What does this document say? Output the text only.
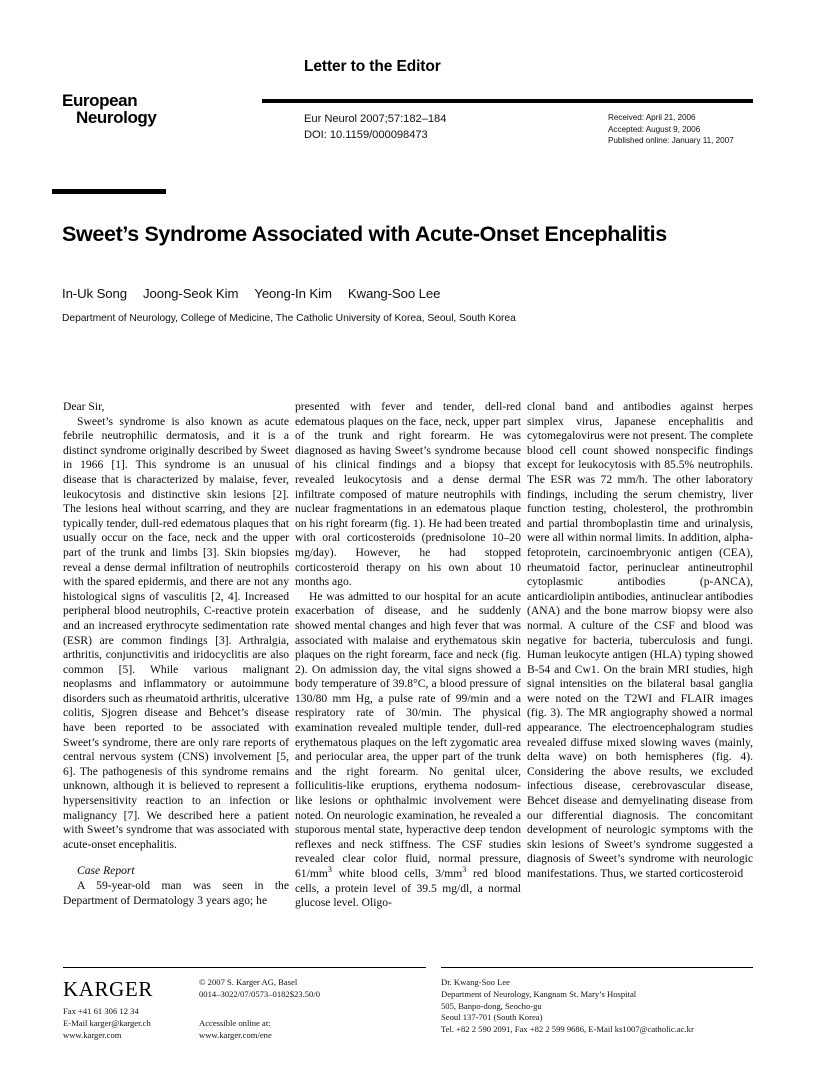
Letter to the Editor
European
Neurology	Eur Neurol 2007;57:182–184
DOI: 10.1159/000098473
Received: April 21, 2006
Accepted: August 9, 2006
Published online: January 11, 2007
Sweet’s Syndrome Associated with Acute-Onset Encephalitis
In-Uk Song Joong-Seok Kim Yeong-In Kim Kwang-Soo Lee
Department of Neurology, College of Medicine, The Catholic University of Korea, Seoul, South Korea

Dear Sir,

Sweet’s syndrome is also known as acute febrile neutrophilic dermatosis, and it is a distinct syndrome originally described by Sweet in 1966 [1]. This syndrome is an unusual disease that is characterized by malaise, fever, leukocytosis and distinctive skin lesions [2]. The lesions heal without scarring, and they are typically tender, dull-red edematous plaques that usually occur on the face, neck and the upper part of the trunk and limbs [3]. Skin biopsies reveal a dense dermal infiltration of neutrophils with the spared epidermis, and there are not any histological signs of vasculitis [2, 4]. Increased peripheral blood neutrophils, C-reactive protein and an increased erythrocyte sedimentation rate (ESR) are common findings [3]. Arthralgia, arthritis, conjunctivitis and iridocyclitis are also common [5]. While various malignant neoplasms and inflammatory or autoimmune disorders such as rheumatoid arthritis, ulcerative colitis, Sjogren disease and Behcet’s disease have been reported to be associated with Sweet’s syndrome, there are only rare reports of central nervous system (CNS) involvement [5, 6]. The pathogenesis of this syndrome remains unknown, although it is believed to represent a hypersensitivity reaction to an infection or malignancy [7]. We described here a patient with Sweet’s syndrome that was associated with acute-onset encephalitis.

Case Report

A 59-year-old man was seen in the Department of Dermatology 3 years ago; he

presented with fever and tender, dell-red edematous plaques on the face, neck, upper part of the trunk and right forearm. He was diagnosed as having Sweet’s syndrome because of his clinical findings and a biopsy that revealed leukocytosis and a dense dermal infiltrate composed of mature neutrophils with nuclear fragmentations in an edematous plaque on his right forearm (fig. 1). He had been treated with oral corticosteroids (prednisolone 10–20 mg/day). However, he had stopped corticosteroid therapy on his own about 10 months ago.

He was admitted to our hospital for an acute exacerbation of disease, and he suddenly showed mental changes and high fever that was associated with malaise and erythematous skin plaques on the right forearm, face and neck (fig. 2). On admission day, the vital signs showed a body temperature of 39.8°C, a blood pressure of 130/80 mm Hg, a pulse rate of 99/min and a respiratory rate of 30/min. The physical examination revealed multiple tender, dull-red erythematous plaques on the left zygomatic area and periocular area, the upper part of the trunk and the right forearm. No genital ulcer, folliculitis-like eruptions, erythema nodosum-like lesions or ophthalmic involvement were noted. On neurologic examination, he revealed a stuporous mental state, hyperactive deep tendon reflexes and neck stiffness. The CSF studies revealed clear color fluid, normal pressure, $61/mm^3$ white blood cells, $3/mm^3$ red blood cells, a protein level of 39.5 mg/dl, a normal glucose level. Oligo-

clonal band and antibodies against herpes simplex virus, Japanese encephalitis and cytomegalovirus were not present. The complete blood cell count showed nonspecific findings except for leukocytosis with 85.5% neutrophils. The ESR was 72 mm/h. The other laboratory findings, including the serum chemistry, liver function testing, cholesterol, the prothrombin and partial thromboplastin time and urinalysis, were all within normal limits. In addition, alpha-fetoprotein, carcinoembryonic antigen (CEA), rheumatoid factor, perinuclear antineutrophil cytoplasmic antibodies (p-ANCA), anticardiolipin antibodies, antinuclear antibodies (ANA) and the bone marrow biopsy were also normal. A culture of the CSF and blood was negative for bacteria, tuberculosis and fungi. Human leukocyte antigen (HLA) typing showed B-54 and Cw1. On the brain MRI studies, high signal intensities on the bilateral basal ganglia were noted on the T2WI and FLAIR images (fig. 3). The MR angiography showed a normal appearance. The electroencephalogram studies revealed diffuse mixed slowing waves (mainly, delta wave) on both hemispheres (fig. 4). Considering the above results, we excluded infectious disease, cerebrovascular disease, Behcet disease and demyelinating disease from our differential diagnosis. The concomitant development of neurologic symptoms with the skin lesions of Sweet’s syndrome suggested a diagnosis of Sweet’s syndrome with neurologic manifestations. Thus, we started corticosteroid

KARGER
Fax +41 61 306 12 34
E-Mail karger@karger.ch
www.karger.com
© 2007 S. Karger AG, Basel
0014–3022/07/0573–0182$23.50/0
Accessible online at:
www.karger.com/ene
Dr. Kwang-Soo Lee
Department of Neurology, Kangnam St. Mary’s Hospital
505, Banpo-dong, Seocho-gu
Seoul 137-701 (South Korea)
Tel. +82 2 590 2091, Fax +82 2 599 9686, E-Mail ks1007@catholic.ac.kr
